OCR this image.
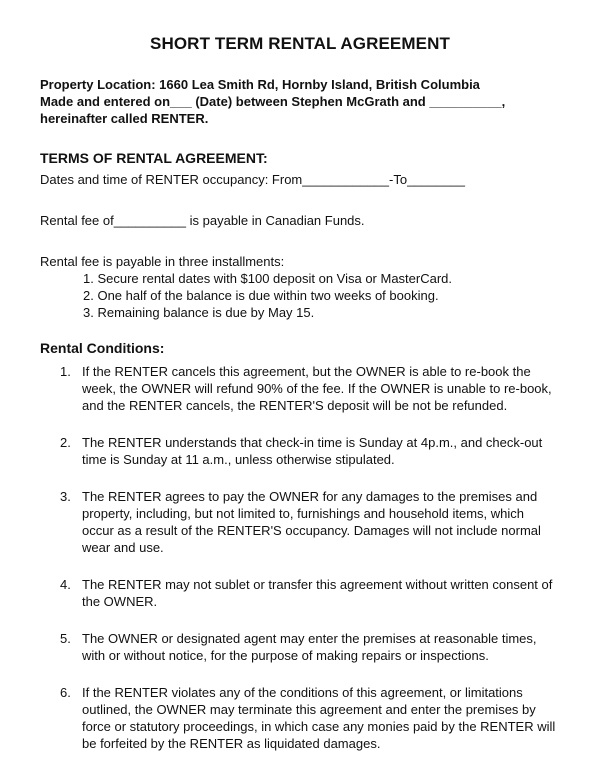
SHORT TERM RENTAL AGREEMENT

Property Location: 1660 Lea Smith Rd, Hornby Island, British Columbia

Made and entered on___ (Date) between Stephen McGrath and __________,

hereinafter called RENTER.

TERMS OF RENTAL AGREEMENT:

Dates and time of RENTER occupancy: From____________-To________

Rental fee of__________ is payable in Canadian Funds.

Rental fee is payable in three installments:

1. Secure rental dates with $100 deposit on Visa or MasterCard.
2. One half of the balance is due within two weeks of booking.
3. Remaining balance is due by May 15.
Rental Conditions:
1. If the RENTER cancels this agreement, but the OWNER is able to re-book the week, the OWNER will refund 90% of the fee. If the OWNER is unable to re-book, and the RENTER cancels, the RENTER'S deposit will be not be refunded.
2. The RENTER understands that check-in time is Sunday at 4p.m., and check-out time is Sunday at 11 a.m., unless otherwise stipulated.
3. The RENTER agrees to pay the OWNER for any damages to the premises and property, including, but not limited to, furnishings and household items, which occur as a result of the RENTER'S occupancy. Damages will not include normal wear and use.
4. The RENTER may not sublet or transfer this agreement without written consent of the OWNER.
5. The OWNER or designated agent may enter the premises at reasonable times, with or without notice, for the purpose of making repairs or inspections.
6. If the RENTER violates any of the conditions of this agreement, or limitations outlined, the OWNER may terminate this agreement and enter the premises by force or statutory proceedings, in which case any monies paid by the RENTER will be forfeited by the RENTER as liquidated damages.
